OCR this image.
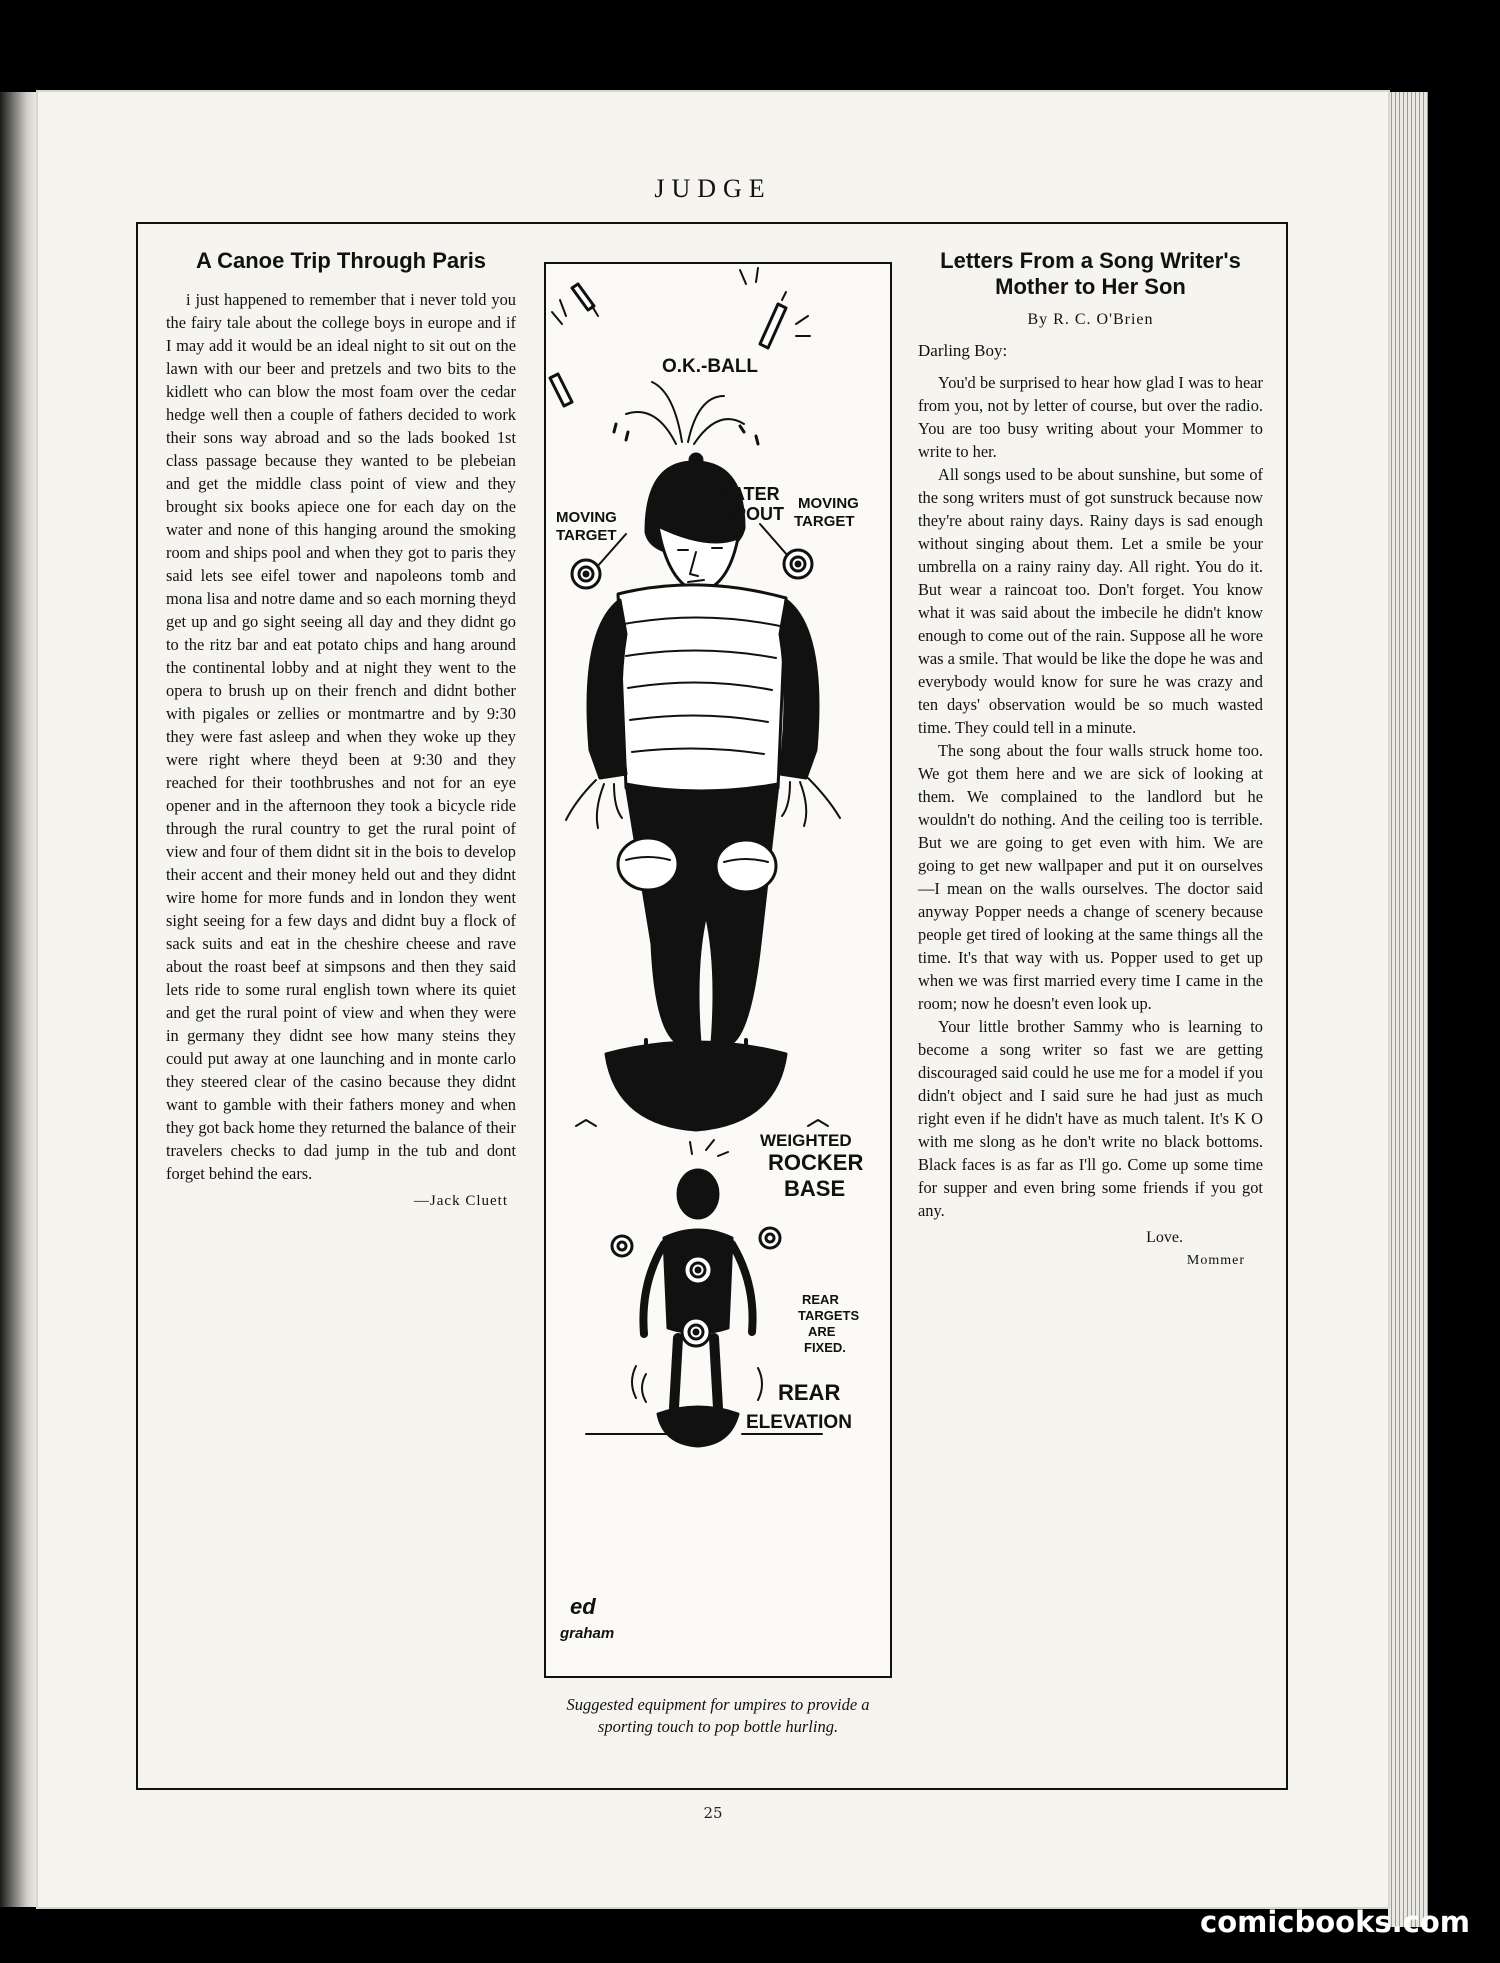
JUDGE
A Canoe Trip Through Paris

i just happened to remember that i never told you the fairy tale about the college boys in europe and if I may add it would be an ideal night to sit out on the lawn with our beer and pretzels and two bits to the kidlett who can blow the most foam over the cedar hedge well then a couple of fathers decided to work their sons way abroad and so the lads booked 1st class passage because they wanted to be plebeian and get the middle class point of view and they brought six books apiece one for each day on the water and none of this hanging around the smoking room and ships pool and when they got to paris they said lets see eifel tower and napoleons tomb and mona lisa and notre dame and so each morning theyd get up and go sight seeing all day and they didnt go to the ritz bar and eat potato chips and hang around the continental lobby and at night they went to the opera to brush up on their french and didnt bother with pigales or zellies or montmartre and by 9:30 they were fast asleep and when they woke up they were right where theyd been at 9:30 and they reached for their toothbrushes and not for an eye opener and in the afternoon they took a bicycle ride through the rural country to get the rural point of view and four of them didnt sit in the bois to develop their accent and their money held out and they didnt wire home for more funds and in london they went sight seeing for a few days and didnt buy a flock of sack suits and eat in the cheshire cheese and rave about the roast beef at simpsons and then they said lets ride to some rural english town where its quiet and get the rural point of view and when they were in germany they didnt see how many steins they could put away at one launching and in monte carlo they steered clear of the casino because they didnt want to gamble with their fathers money and when they got back home they returned the balance of their travelers checks to dad jump in the tub and dont forget behind the ears.

—Jack Cluett
O.K.-BALL
WATER
SPOUT
MOVING
TARGET
MOVING
TARGET
WEIGHTED
ROCKER
BASE
REAR
TARGETS
ARE
FIXED.
REAR
ELEVATION
ed
graham
Suggested equipment for umpires to provide a sporting touch to pop bottle hurling.
Letters From a Song Writer's Mother to Her Son
By R. C. O'Brien
Darling Boy:

You'd be surprised to hear how glad I was to hear from you, not by letter of course, but over the radio. You are too busy writing about your Mommer to write to her.

All songs used to be about sunshine, but some of the song writers must of got sunstruck because now they're about rainy days. Rainy days is sad enough without singing about them. Let a smile be your umbrella on a rainy rainy day. All right. You do it. But wear a raincoat too. Don't forget. You know what it was said about the imbecile he didn't know enough to come out of the rain. Suppose all he wore was a smile. That would be like the dope he was and everybody would know for sure he was crazy and ten days' observation would be so much wasted time. They could tell in a minute.

The song about the four walls struck home too. We got them here and we are sick of looking at them. We complained to the landlord but he wouldn't do nothing. And the ceiling too is terrible. But we are going to get even with him. We are going to get new wallpaper and put it on ourselves—I mean on the walls ourselves. The doctor said anyway Popper needs a change of scenery because people get tired of looking at the same things all the time. It's that way with us. Popper used to get up when we was first married every time I came in the room; now he doesn't even look up.

Your little brother Sammy who is learning to become a song writer so fast we are getting discouraged said could he use me for a model if you didn't object and I said sure he had just as much right even if he didn't have as much talent. It's K O with me slong as he don't write no black bottoms. Black faces is as far as I'll go. Come up some time for supper and even bring some friends if you got any.

Love.
Mommer
25
comicbooks.com
